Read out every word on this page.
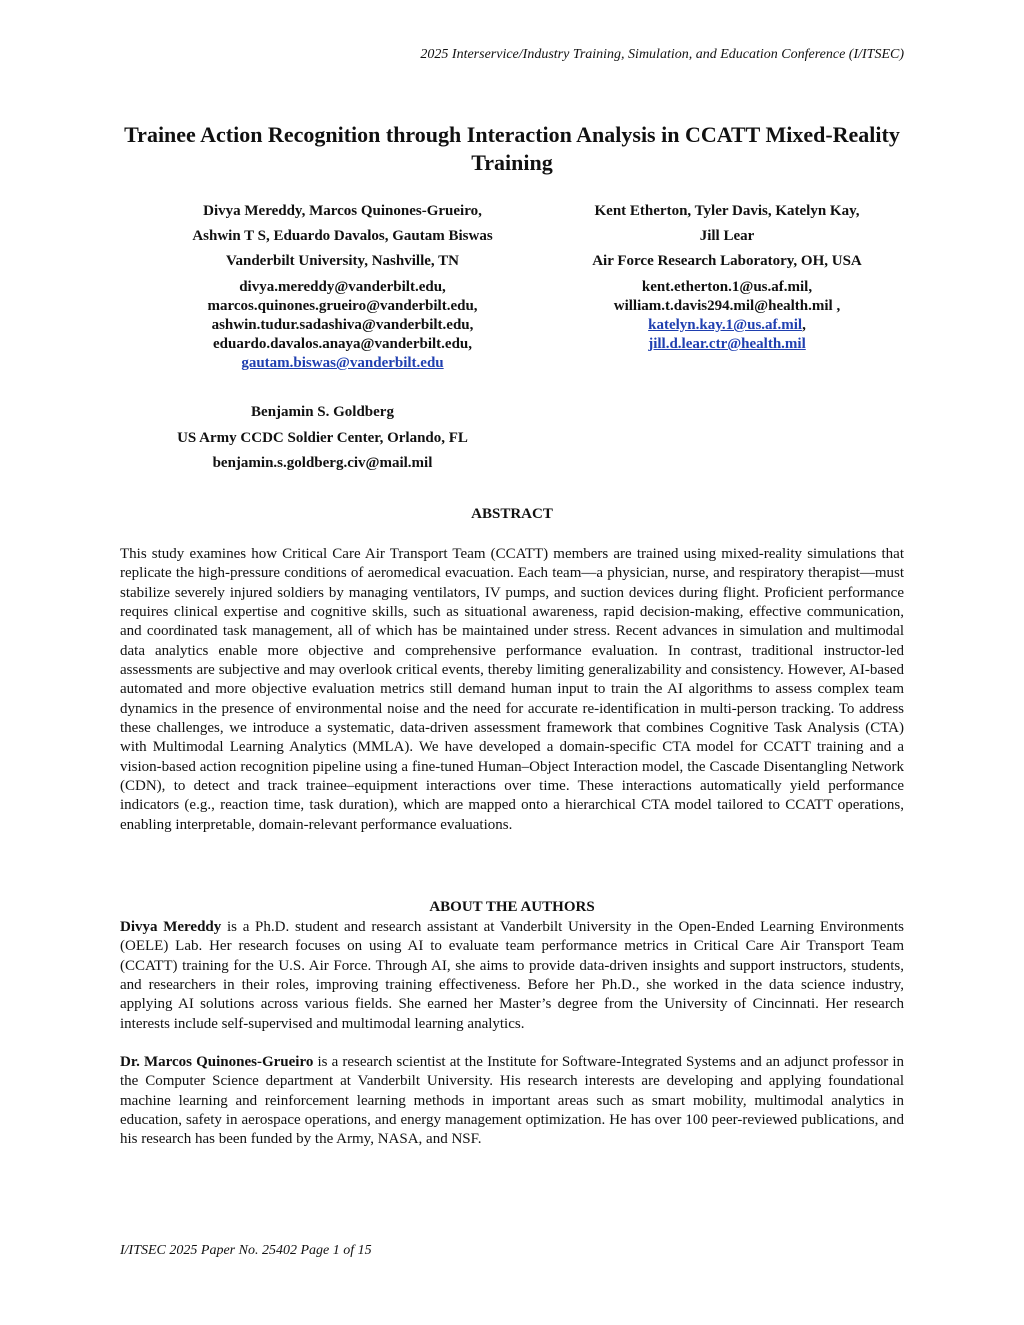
2025 Interservice/Industry Training, Simulation, and Education Conference (I/ITSEC)
Trainee Action Recognition through Interaction Analysis in CCATT Mixed-Reality Training
Divya Mereddy, Marcos Quinones-Grueiro,
Ashwin T S, Eduardo Davalos, Gautam Biswas
Vanderbilt University, Nashville, TN
divya.mereddy@vanderbilt.edu,
marcos.quinones.grueiro@vanderbilt.edu,
ashwin.tudur.sadashiva@vanderbilt.edu,
eduardo.davalos.anaya@vanderbilt.edu,
gautam.biswas@vanderbilt.edu
Kent Etherton, Tyler Davis, Katelyn Kay,
Jill Lear
Air Force Research Laboratory, OH, USA
kent.etherton.1@us.af.mil,
william.t.davis294.mil@health.mil ,
katelyn.kay.1@us.af.mil,
jill.d.lear.ctr@health.mil
Benjamin S. Goldberg
US Army CCDC Soldier Center, Orlando, FL
benjamin.s.goldberg.civ@mail.mil
ABSTRACT
This study examines how Critical Care Air Transport Team (CCATT) members are trained using mixed-reality simulations that replicate the high-pressure conditions of aeromedical evacuation. Each team—a physician, nurse, and respiratory therapist—must stabilize severely injured soldiers by managing ventilators, IV pumps, and suction devices during flight. Proficient performance requires clinical expertise and cognitive skills, such as situational awareness, rapid decision-making, effective communication, and coordinated task management, all of which has be maintained under stress. Recent advances in simulation and multimodal data analytics enable more objective and comprehensive performance evaluation. In contrast, traditional instructor-led assessments are subjective and may overlook critical events, thereby limiting generalizability and consistency. However, AI-based automated and more objective evaluation metrics still demand human input to train the AI algorithms to assess complex team dynamics in the presence of environmental noise and the need for accurate re-identification in multi-person tracking. To address these challenges, we introduce a systematic, data-driven assessment framework that combines Cognitive Task Analysis (CTA) with Multimodal Learning Analytics (MMLA). We have developed a domain-specific CTA model for CCATT training and a vision-based action recognition pipeline using a fine-tuned Human–Object Interaction model, the Cascade Disentangling Network (CDN), to detect and track trainee–equipment interactions over time. These interactions automatically yield performance indicators (e.g., reaction time, task duration), which are mapped onto a hierarchical CTA model tailored to CCATT operations, enabling interpretable, domain-relevant performance evaluations.
ABOUT THE AUTHORS
Divya Mereddy is a Ph.D. student and research assistant at Vanderbilt University in the Open-Ended Learning Environments (OELE) Lab. Her research focuses on using AI to evaluate team performance metrics in Critical Care Air Transport Team (CCATT) training for the U.S. Air Force. Through AI, she aims to provide data-driven insights and support instructors, students, and researchers in their roles, improving training effectiveness. Before her Ph.D., she worked in the data science industry, applying AI solutions across various fields. She earned her Master’s degree from the University of Cincinnati. Her research interests include self-supervised and multimodal learning analytics.
Dr. Marcos Quinones-Grueiro is a research scientist at the Institute for Software-Integrated Systems and an adjunct professor in the Computer Science department at Vanderbilt University. His research interests are developing and applying foundational machine learning and reinforcement learning methods in important areas such as smart mobility, multimodal analytics in education, safety in aerospace operations, and energy management optimization. He has over 100 peer-reviewed publications, and his research has been funded by the Army, NASA, and NSF.
I/ITSEC 2025 Paper No. 25402 Page 1 of 15
